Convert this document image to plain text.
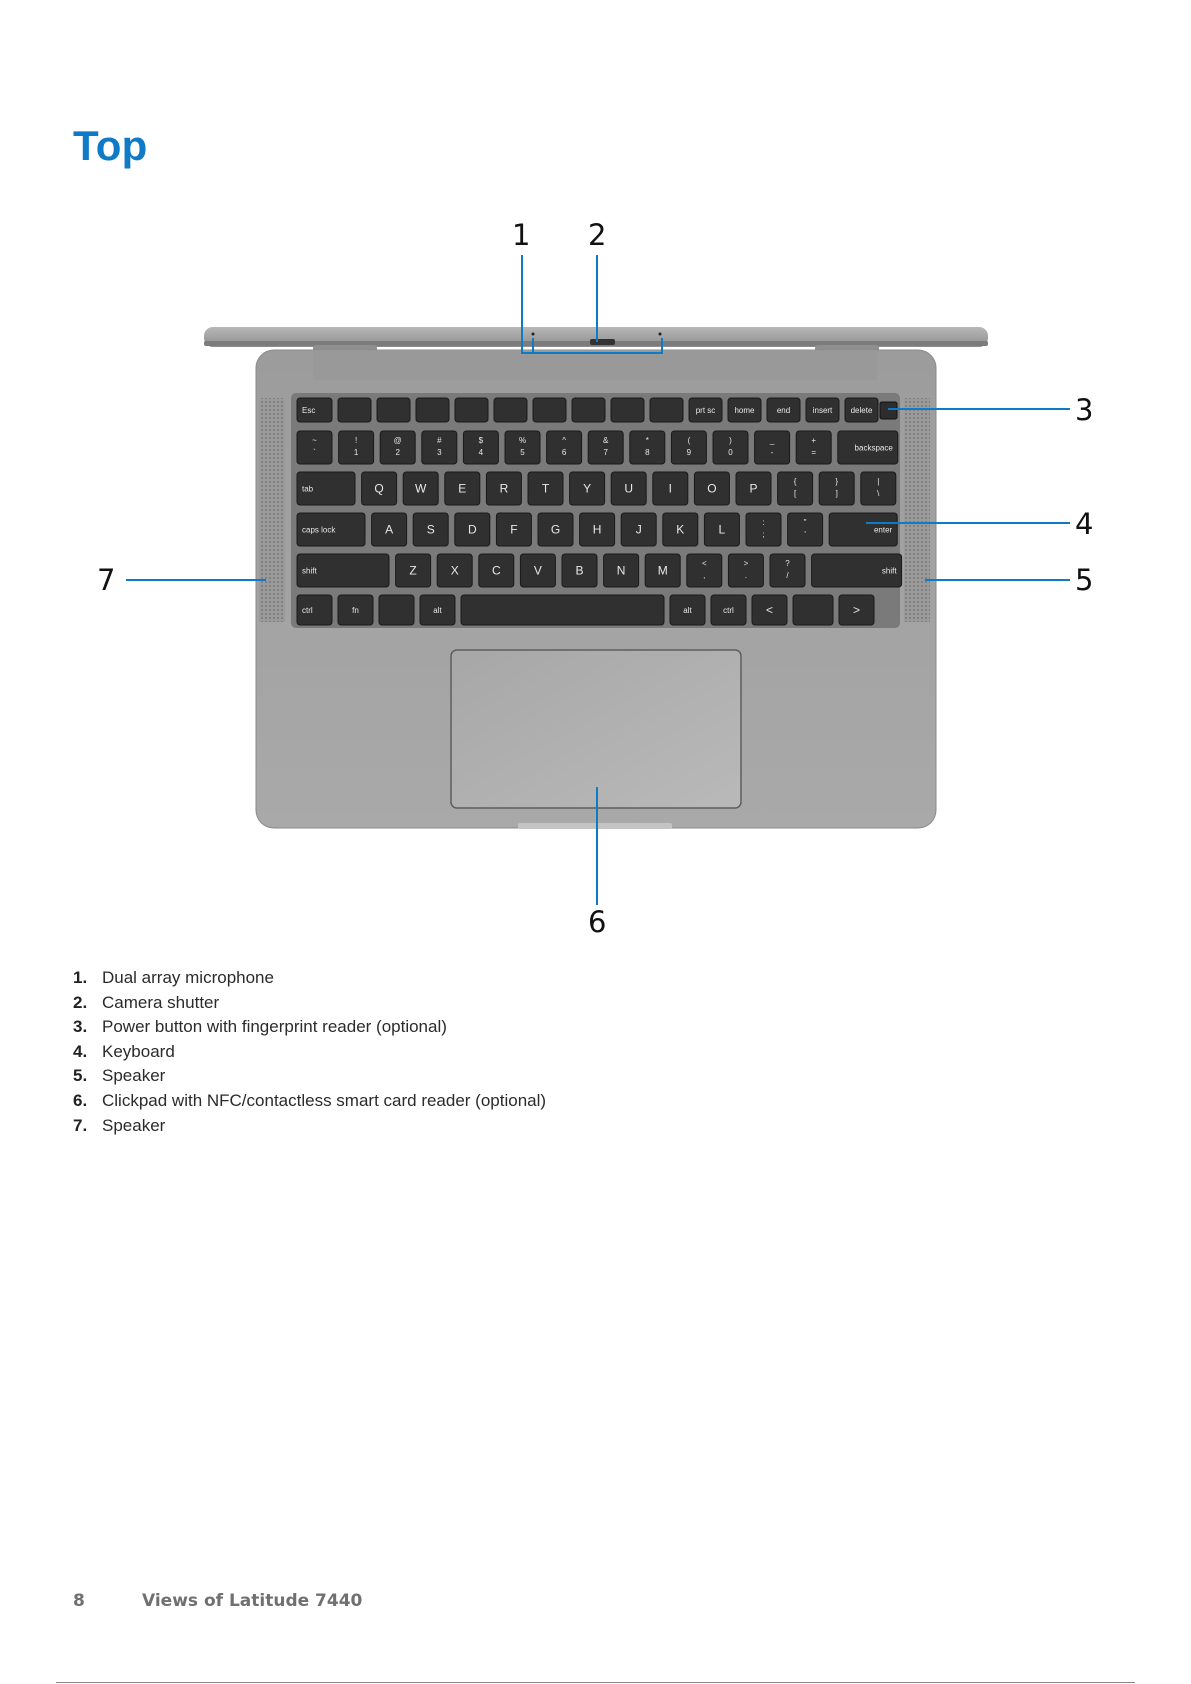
Top
Esc	prt sc home	end	insert delete
~
`
!
1
@
2
#
3
$
4
%
5
^
6
&
7
*
8
(
9
)
0
_
-
+
=	backspace
tab	Q	W	E	R	T	Y	U	I	O	P	{
[
}
]
|
\
caps lock	A	S	D	F	G	H	J	K	L	:
;
"
'	enter
shift	Z	X	C	V	B	N	M	<
,
>
.
?
/	shift
ctrl	fn	alt	alt	ctrl	<	>
1 2
3
4
5
6
7
1. Dual array microphone
2. Camera shutter
3. Power button with fingerprint reader (optional)
4. Keyboard
5. Speaker
6. Clickpad with NFC/contactless smart card reader (optional)
7. Speaker
8	Views of Latitude 7440
